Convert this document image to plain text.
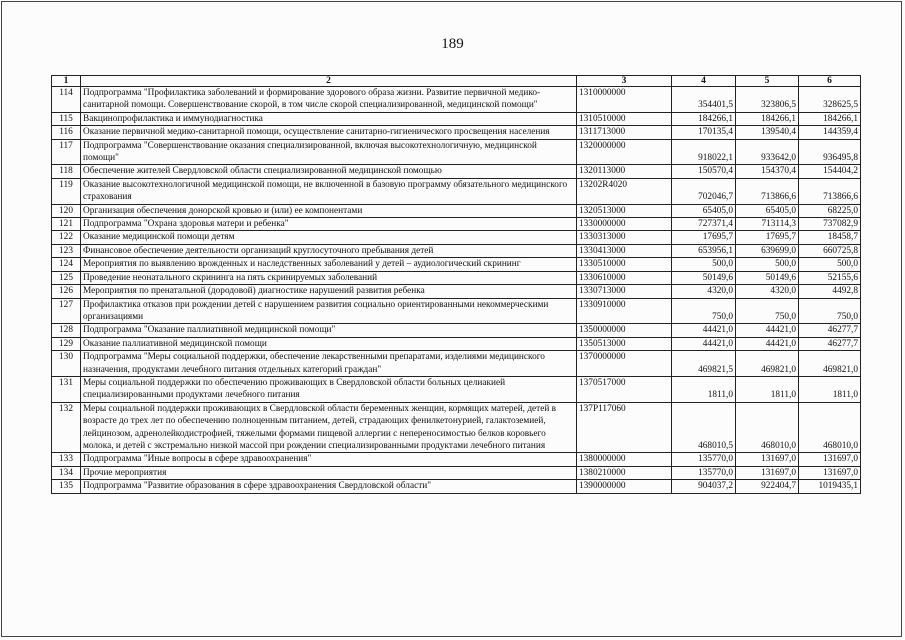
189
1	2	3	4	5	6
114	Подпрограмма "Профилактика заболеваний и формирование здорового образа жизни. Развитие первичной медико-санитарной помощи. Совершенствование скорой, в том числе скорой специализированной, медицинской помощи"	1310000000	354401,5	323806,5	328625,5
115	Вакцинопрофилактика и иммунодиагностика	1310510000	184266,1	184266,1	184266,1
116	Оказание первичной медико-санитарной помощи, осуществление санитарно-гигиенического просвещения населения	1311713000	170135,4	139540,4	144359,4
117	Подпрограмма "Совершенствование оказания специализированной, включая высокотехнологичную, медицинской помощи"	1320000000	918022,1	933642,0	936495,8
118	Обеспечение жителей Свердловской области специализированной медицинской помощью	1320113000	150570,4	154370,4	154404,2
119	Оказание высокотехнологичной медицинской помощи, не включенной в базовую программу обязательного медицинского страхования	13202R4020	702046,7	713866,6	713866,6
120	Организация обеспечения донорской кровью и (или) ее компонентами	1320513000	65405,0	65405,0	68225,0
121	Подпрограмма "Охрана здоровья матери и ребенка"	1330000000	727371,4	713114,3	737082,9
122	Оказание медицинской помощи детям	1330313000	17695,7	17695,7	18458,7
123	Финансовое обеспечение деятельности организаций круглосуточного пребывания детей	1330413000	653956,1	639699,0	660725,8
124	Мероприятия по выявлению врожденных и наследственных заболеваний у детей – аудиологический скрининг	1330510000	500,0	500,0	500,0
125	Проведение неонатального скрининга на пять скринируемых заболеваний	1330610000	50149,6	50149,6	52155,6
126	Мероприятия по пренатальной (дородовой) диагностике нарушений развития ребенка	1330713000	4320,0	4320,0	4492,8
127	Профилактика отказов при рождении детей с нарушением развития социально ориентированными некоммерческими организациями	1330910000	750,0	750,0	750,0
128	Подпрограмма "Оказание паллиативной медицинской помощи"	1350000000	44421,0	44421,0	46277,7
129	Оказание паллиативной медицинской помощи	1350513000	44421,0	44421,0	46277,7
130	Подпрограмма "Меры социальной поддержки, обеспечение лекарственными препаратами, изделиями медицинского назначения, продуктами лечебного питания отдельных категорий граждан"	1370000000	469821,5	469821,0	469821,0
131	Меры социальной поддержки по обеспечению проживающих в Свердловской области больных целиакией специализированными продуктами лечебного питания	1370517000	1811,0	1811,0	1811,0
132	Меры социальной поддержки проживающих в Свердловской области беременных женщин, кормящих матерей, детей в возрасте до трех лет по обеспечению полноценным питанием, детей, страдающих фенилкетонурией, галактоземией, лейцинозом, адренолейкодистрофией, тяжелыми формами пищевой аллергии с непереносимостью белков коровьего молока, и детей с экстремально низкой массой при рождении специализированными продуктами лечебного питания	137P117060	468010,5	468010,0	468010,0
133	Подпрограмма "Иные вопросы в сфере здравоохранения"	1380000000	135770,0	131697,0	131697,0
134	Прочие мероприятия	1380210000	135770,0	131697,0	131697,0
135	Подпрограмма "Развитие образования в сфере здравоохранения Свердловской области"	1390000000	904037,2	922404,7	1019435,1
